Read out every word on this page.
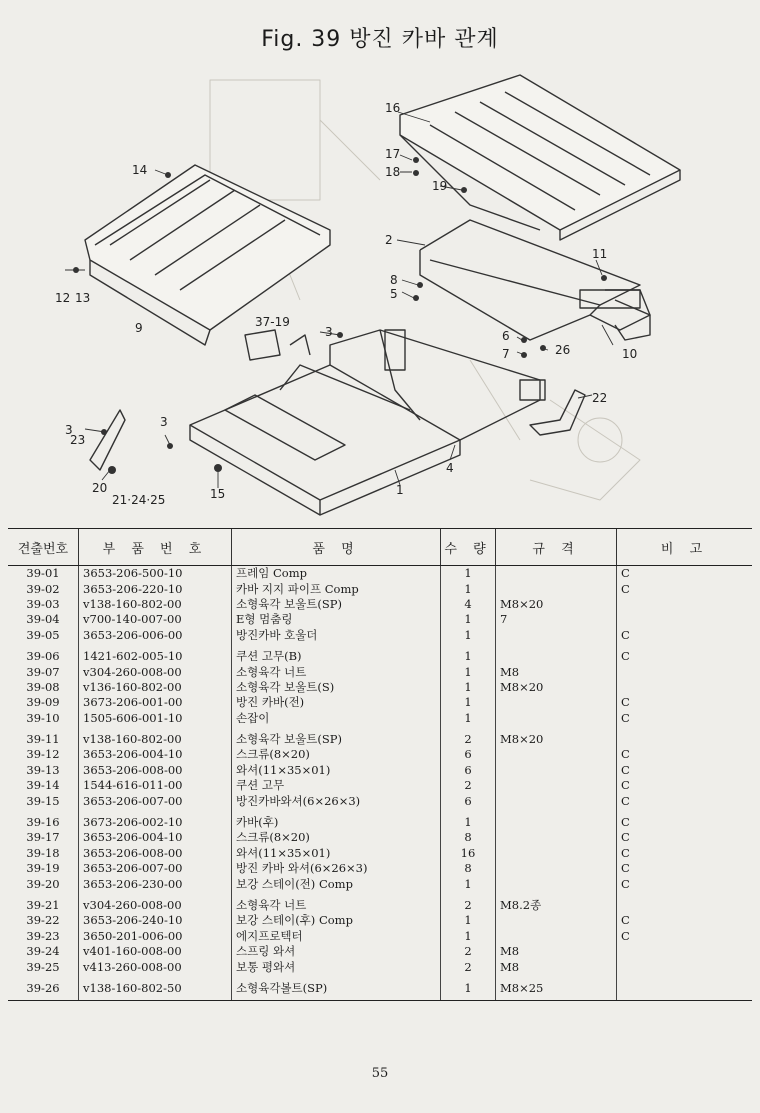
Fig. 39 방진 카바 관계
16
17
18
19
14
2
11
8
5
12 13
9	37-19
3	6
7	26	10
22
3
23
3
4
20
21·24·25	15	1
견출번호	부 품 번 호	품 명	수 량	규 격	비 고
39-01	3653-206-500-10	프레임 Comp	1		C
39-02	3653-206-220-10	카바 지지 파이프 Comp	1		C
39-03	v138-160-802-00	소형육각 보울트(SP)	4	M8×20	
39-04	v700-140-007-00	E형 멈춤링	1	7	
39-05	3653-206-006-00	방진카바 호울더	1		C
39-06	1421-602-005-10	쿠션 고무(B)	1		C
39-07	v304-260-008-00	소형육각 너트	1	M8	
39-08	v136-160-802-00	소형육각 보울트(S)	1	M8×20	
39-09	3673-206-001-00	방진 카바(전)	1		C
39-10	1505-606-001-10	손잡이	1		C
39-11	v138-160-802-00	소형육각 보울트(SP)	2	M8×20	
39-12	3653-206-004-10	스크류(8×20)	6		C
39-13	3653-206-008-00	와셔(11×35×01)	6		C
39-14	1544-616-011-00	쿠션 고무	2		C
39-15	3653-206-007-00	방진카바와셔(6×26×3)	6		C
39-16	3673-206-002-10	카바(후)	1		C
39-17	3653-206-004-10	스크류(8×20)	8		C
39-18	3653-206-008-00	와셔(11×35×01)	16		C
39-19	3653-206-007-00	방진 카바 와셔(6×26×3)	8		C
39-20	3653-206-230-00	보강 스테이(전) Comp	1		C
39-21	v304-260-008-00	소형육각 너트	2	M8.2종	
39-22	3653-206-240-10	보강 스테이(후) Comp	1		C
39-23	3650-201-006-00	에지프로텍터	1		C
39-24	v401-160-008-00	스프링 와셔	2	M8	
39-25	v413-260-008-00	보통 평와셔	2	M8	
39-26	v138-160-802-50	소형육각볼트(SP)	1	M8×25	
55
